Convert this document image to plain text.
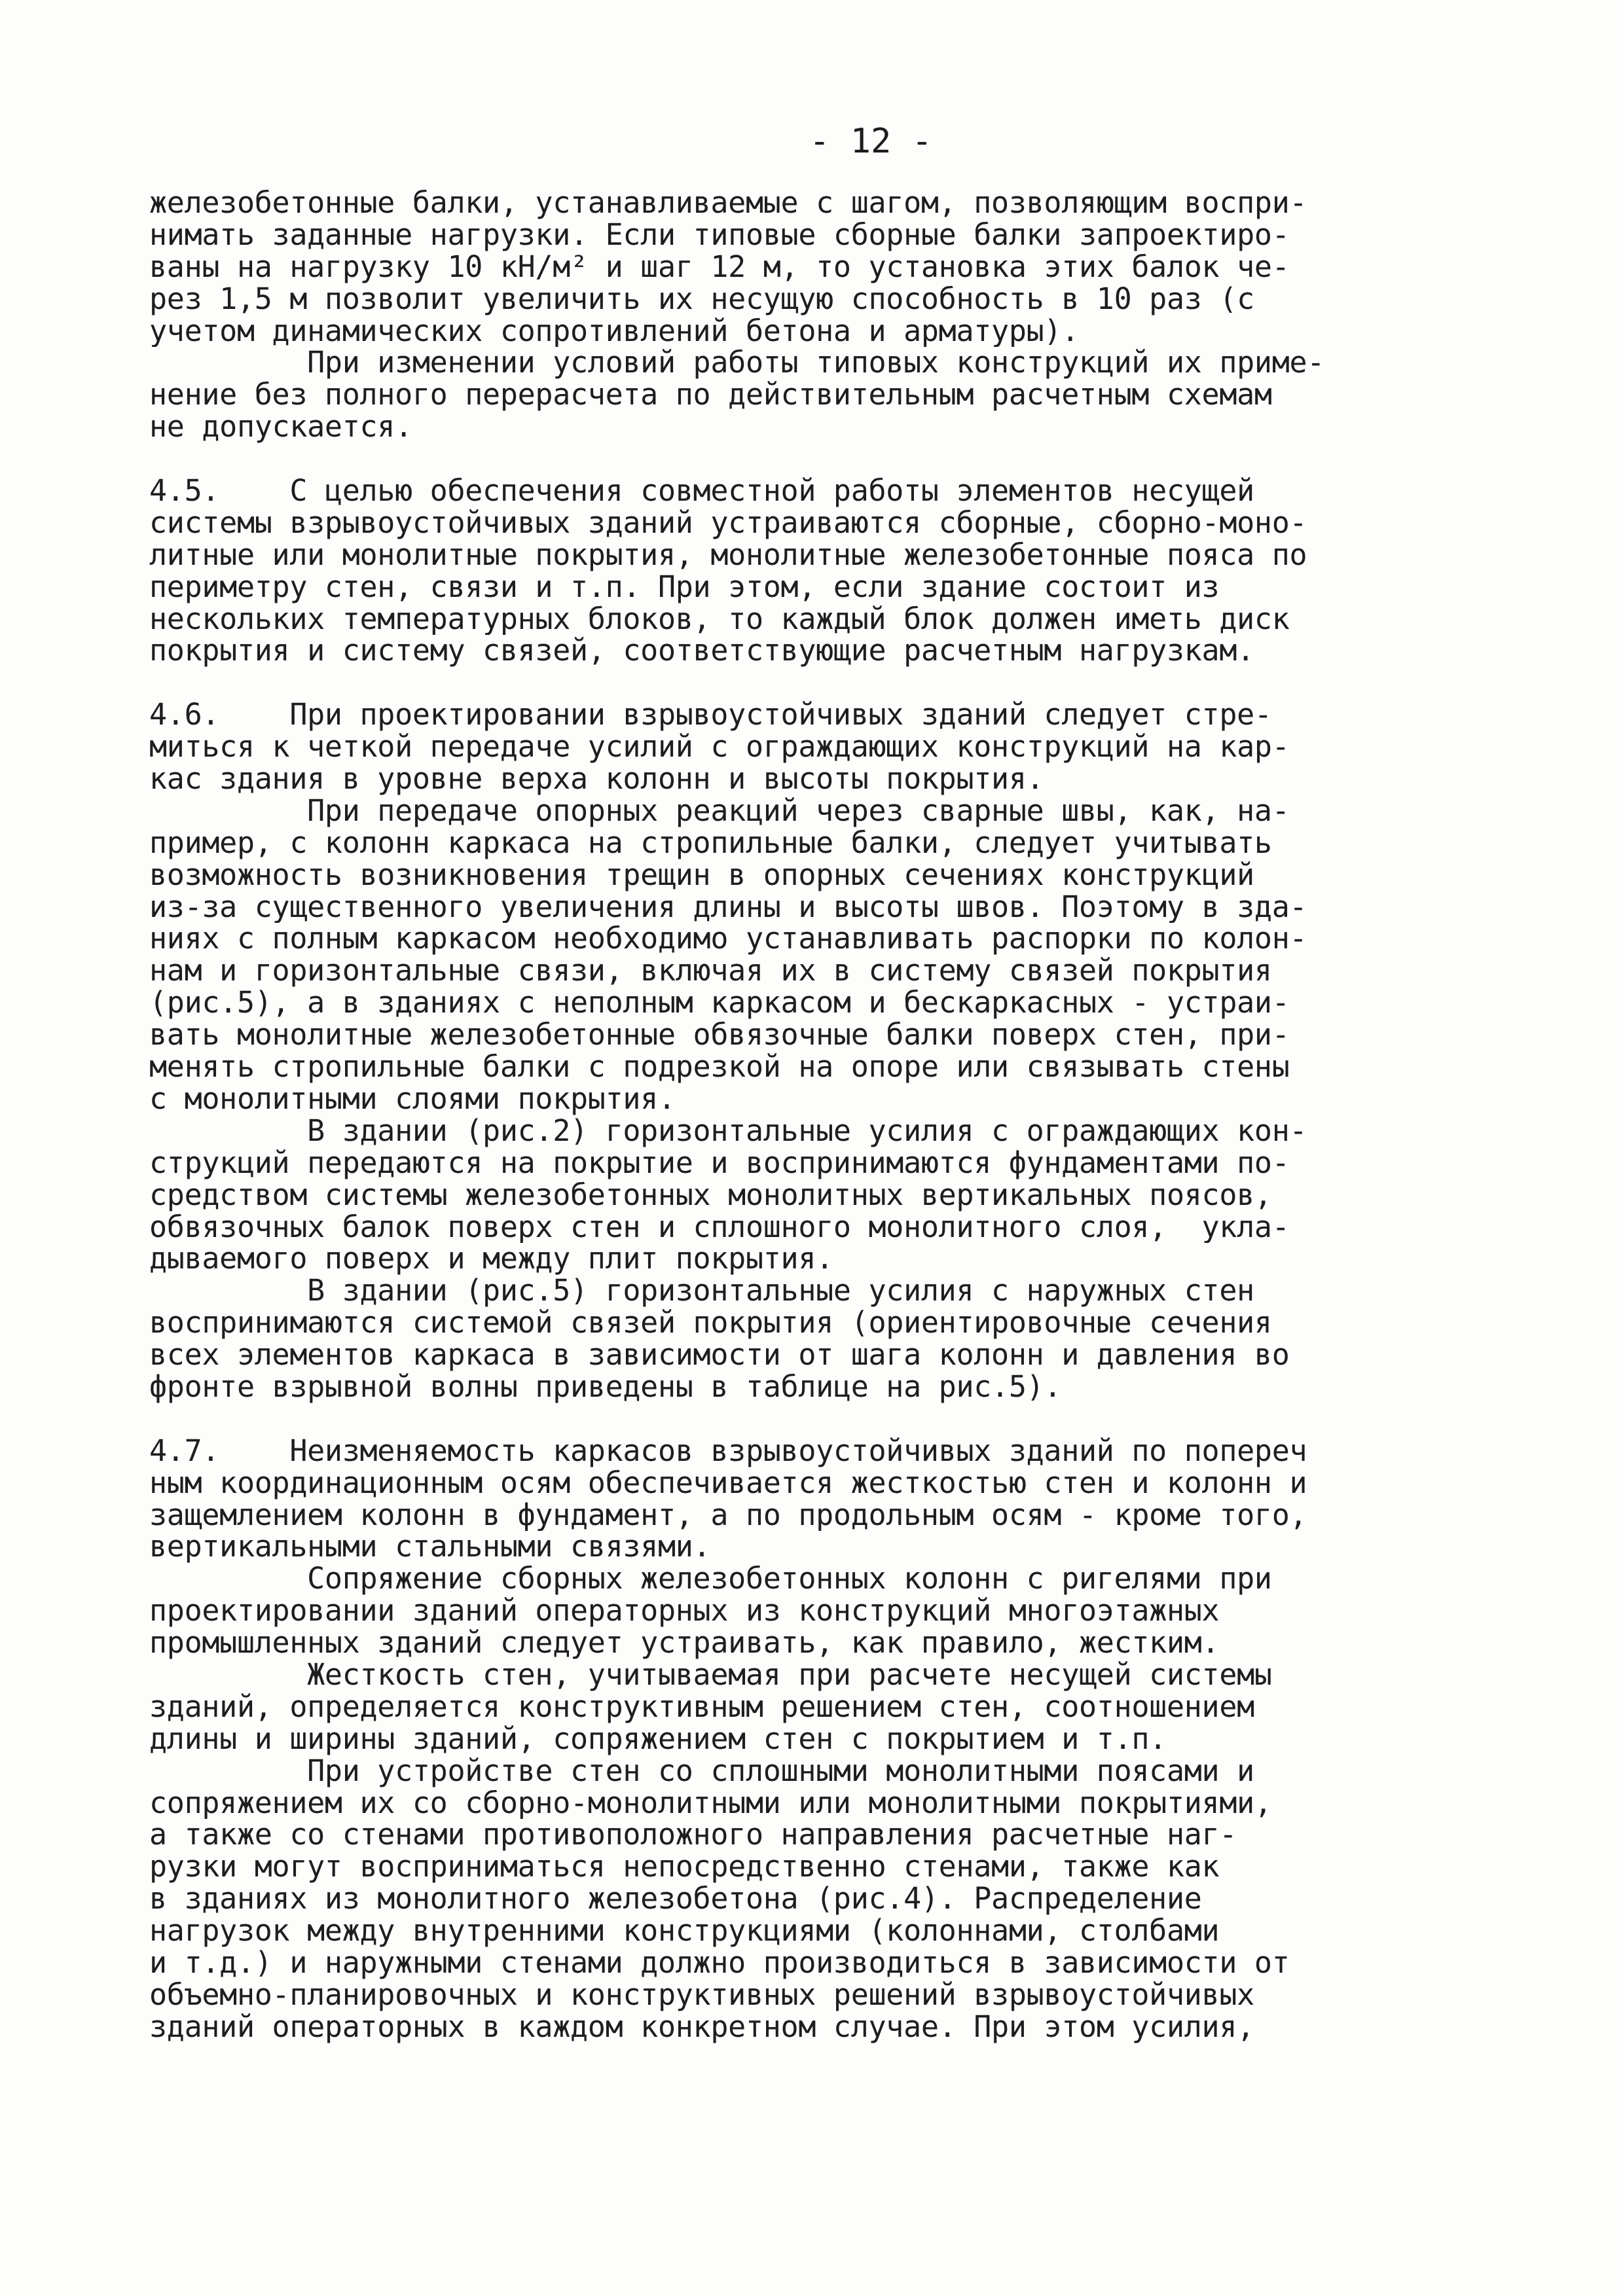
- 12 -
железобетонные балки, устанавливаемые с шагом, позволяющим воспри-
нимать заданные нагрузки. Если типовые сборные балки запроектиро-
ваны на нагрузку 10 кН/м² и шаг 12 м, то установка этих балок че-
рез 1,5 м позволит увеличить их несущую способность в 10 раз (с
учетом динамических сопротивлений бетона и арматуры).
При изменении условий работы типовых конструкций их приме-
нение без полного перерасчета по действительным расчетным схемам
не допускается.
4.5.    С целью обеспечения совместной работы элементов несущей
системы взрывоустойчивых зданий устраиваются сборные, сборно-моно-
литные или монолитные покрытия, монолитные железобетонные пояса по
периметру стен, связи и т.п. При этом, если здание состоит из
нескольких температурных блоков, то каждый блок должен иметь диск
покрытия и систему связей, соответствующие расчетным нагрузкам.
4.6.    При проектировании взрывоустойчивых зданий следует стре-
миться к четкой передаче усилий с ограждающих конструкций на кар-
кас здания в уровне верха колонн и высоты покрытия.
При передаче опорных реакций через сварные швы, как, на-
пример, с колонн каркаса на стропильные балки, следует учитывать
возможность возникновения трещин в опорных сечениях конструкций
из-за существенного увеличения длины и высоты швов. Поэтому в зда-
ниях с полным каркасом необходимо устанавливать распорки по колон-
нам и горизонтальные связи, включая их в систему связей покрытия
(рис.5), а в зданиях с неполным каркасом и бескаркасных - устраи-
вать монолитные железобетонные обвязочные балки поверх стен, при-
менять стропильные балки с подрезкой на опоре или связывать стены
с монолитными слоями покрытия.
В здании (рис.2) горизонтальные усилия с ограждающих кон-
струкций передаются на покрытие и воспринимаются фундаментами по-
средством системы железобетонных монолитных вертикальных поясов,
обвязочных балок поверх стен и сплошного монолитного слоя,  укла-
дываемого поверх и между плит покрытия.
В здании (рис.5) горизонтальные усилия с наружных стен
воспринимаются системой связей покрытия (ориентировочные сечения
всех элементов каркаса в зависимости от шага колонн и давления во
фронте взрывной волны приведены в таблице на рис.5).
4.7.    Неизменяемость каркасов взрывоустойчивых зданий по попереч
ным координационным осям обеспечивается жесткостью стен и колонн и
защемлением колонн в фундамент, а по продольным осям - кроме того,
вертикальными стальными связями.
Сопряжение сборных железобетонных колонн с ригелями при
проектировании зданий операторных из конструкций многоэтажных
промышленных зданий следует устраивать, как правило, жестким.
Жесткость стен, учитываемая при расчете несущей системы
зданий, определяется конструктивным решением стен, соотношением
длины и ширины зданий, сопряжением стен с покрытием и т.п.
При устройстве стен со сплошными монолитными поясами и
сопряжением их со сборно-монолитными или монолитными покрытиями,
а также со стенами противоположного направления расчетные наг-
рузки могут восприниматься непосредственно стенами, также как
в зданиях из монолитного железобетона (рис.4). Распределение
нагрузок между внутренними конструкциями (колоннами, столбами
и т.д.) и наружными стенами должно производиться в зависимости от
объемно-планировочных и конструктивных решений взрывоустойчивых
зданий операторных в каждом конкретном случае. При этом усилия,
